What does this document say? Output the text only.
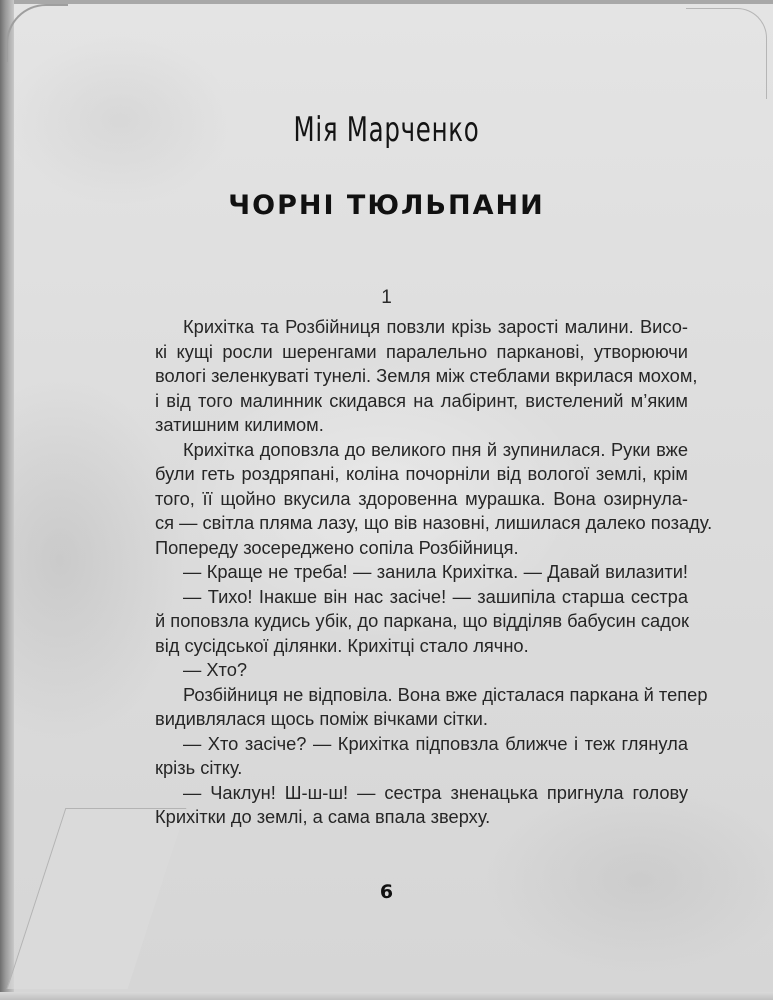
Мія Марченко
ЧОРНІ ТЮЛЬПАНИ
1
Крихітка та Розбійниця повзли крізь зарості малини. Висо-
кі кущі росли шеренгами паралельно парканові, утворюючи
вологі зеленкуваті тунелі. Земля між стеблами вкрилася мохом,
і від того малинник скидався на лабіринт, вистелений м’яким
затишним килимом.
Крихітка доповзла до великого пня й зупинилася. Руки вже
були геть роздряпані, коліна почорніли від вологої землі, крім
того, її щойно вкусила здоровенна мурашка. Вона озирнула-
ся — світла пляма лазу, що вів назовні, лишилася далеко позаду.
Попереду зосереджено сопіла Розбійниця.
— Краще не треба! — занила Крихітка. — Давай вилазити!
— Тихо! Інакше він нас засіче! — зашипіла старша сестра
й поповзла кудись убік, до паркана, що відділяв бабусин садок
від сусідської ділянки. Крихітці стало лячно.
— Хто?
Розбійниця не відповіла. Вона вже дісталася паркана й тепер
видивлялася щось поміж вічками сітки.
— Хто засіче? — Крихітка підповзла ближче і теж глянула
крізь сітку.
— Чаклун! Ш-ш-ш! — сестра зненацька пригнула голову
Крихітки до землі, а сама впала зверху.
6
